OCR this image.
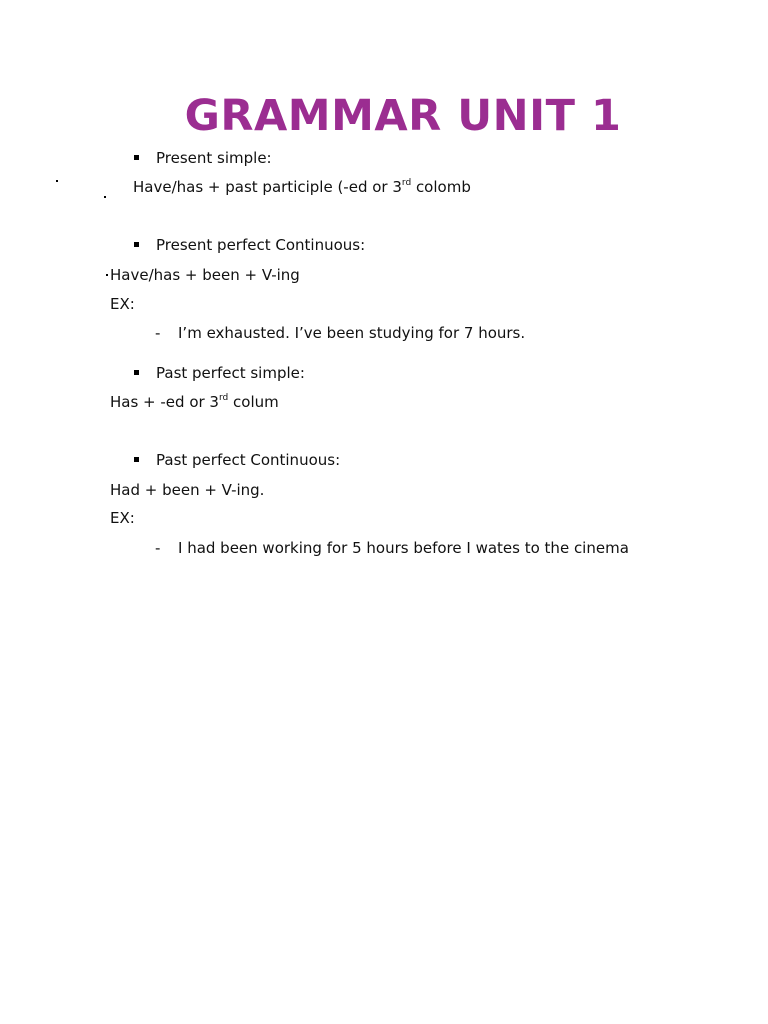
GRAMMAR UNIT 1
Present simple:
Have/has + past participle (-ed or 3rd colomb
Present perfect Continuous:
Have/has + been + V-ing
EX:
- I’m exhausted. I’ve been studying for 7 hours.
Past perfect simple:
Has + -ed or 3rd colum
Past perfect Continuous:
Had + been + V-ing.
EX:
- I had been working for 5 hours before I wates to the cinema
